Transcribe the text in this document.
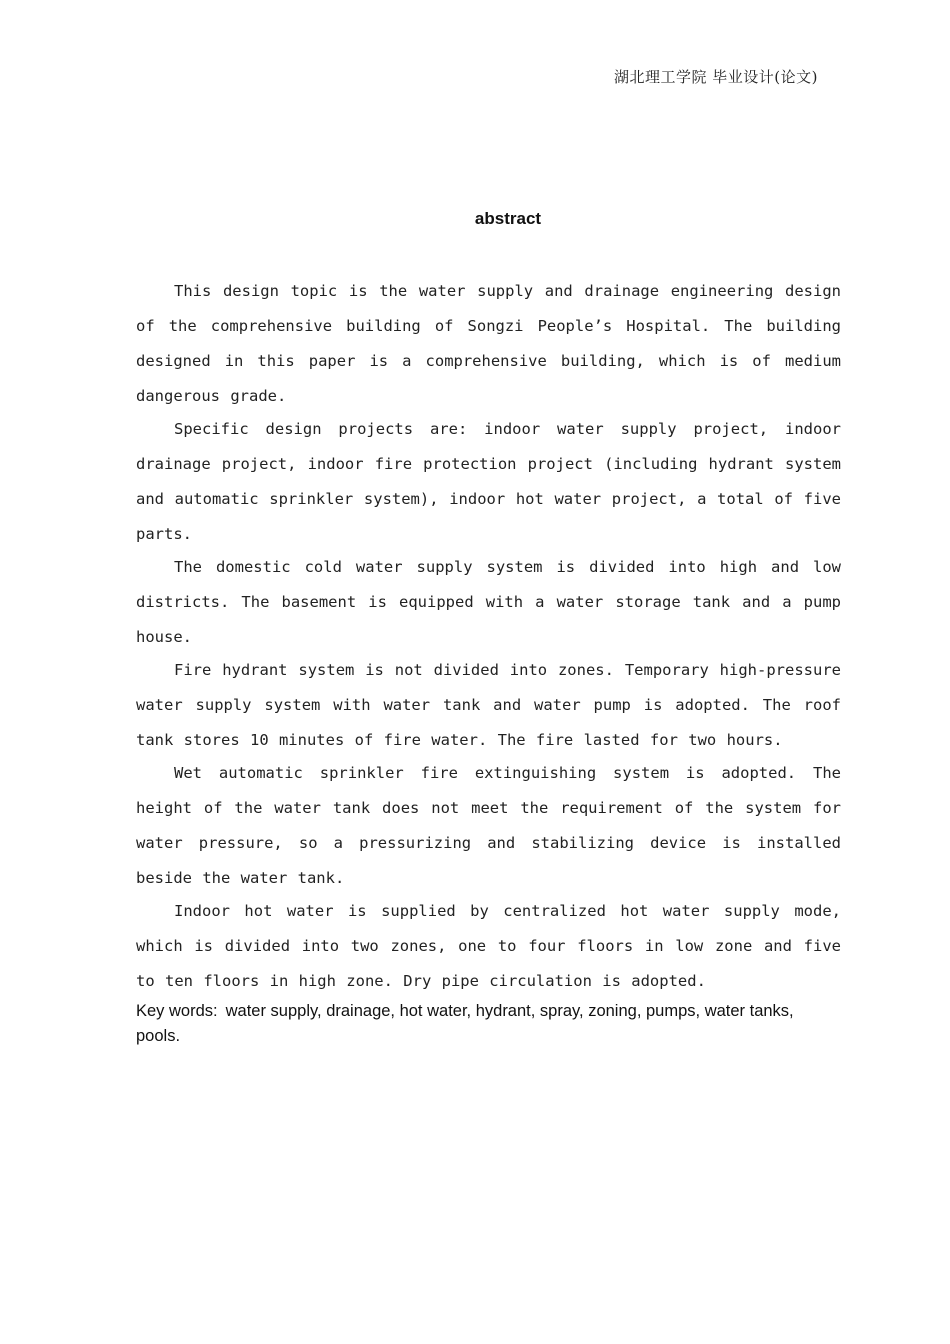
湖北理工学院 毕业设计(论文)
abstract

This design topic is the water supply and drainage engineering design of the comprehensive building of Songzi People’s Hospital. The building designed in this paper is a comprehensive building, which is of medium dangerous grade.

Specific design projects are: indoor water supply project, indoor drainage project, indoor fire protection project (including hydrant system and automatic sprinkler system), indoor hot water project, a total of five parts.

The domestic cold water supply system is divided into high and low districts. The basement is equipped with a water storage tank and a pump house.

Fire hydrant system is not divided into zones. Temporary high-pressure water supply system with water tank and water pump is adopted. The roof tank stores 10 minutes of fire water. The fire lasted for two hours.

Wet automatic sprinkler fire extinguishing system is adopted. The height of the water tank does not meet the requirement of the system for water pressure, so a pressurizing and stabilizing device is installed beside the water tank.

Indoor hot water is supplied by centralized hot water supply mode, which is divided into two zones, one to four floors in low zone and five to ten floors in high zone. Dry pipe circulation is adopted.

Key words: water supply, drainage, hot water, hydrant, spray, zoning, pumps, water tanks, pools.
